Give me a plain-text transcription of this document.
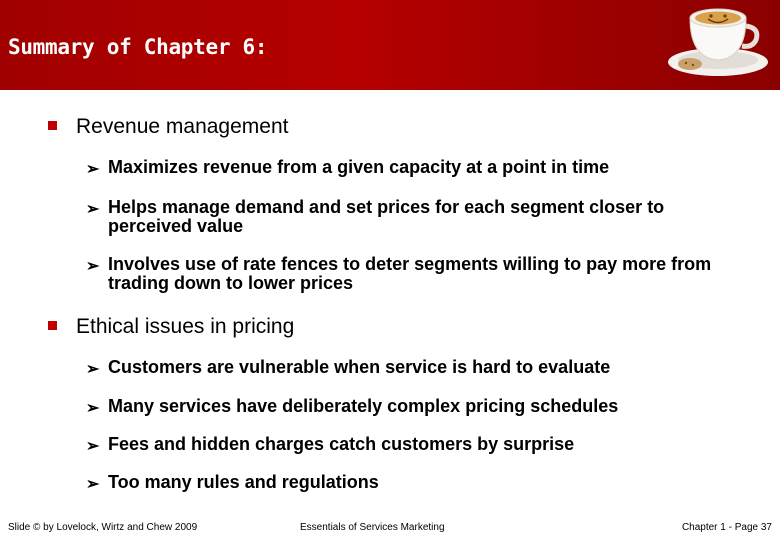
Summary of Chapter 6:

Pricing and Revenue Management (2)

Revenue management
➢ Maximizes revenue from a given capacity at a point in time
➢ Helps manage demand and set prices for each segment closer to perceived value
➢ Involves use of rate fences to deter segments willing to pay more from trading down to lower prices
Ethical issues in pricing
➢ Customers are vulnerable when service is hard to evaluate
➢ Many services have deliberately complex pricing schedules
➢ Fees and hidden charges catch customers by surprise
➢ Too many rules and regulations
Slide © by Lovelock, Wirtz and Chew 2009	Essentials of Services Marketing	Chapter 1 - Page 37
